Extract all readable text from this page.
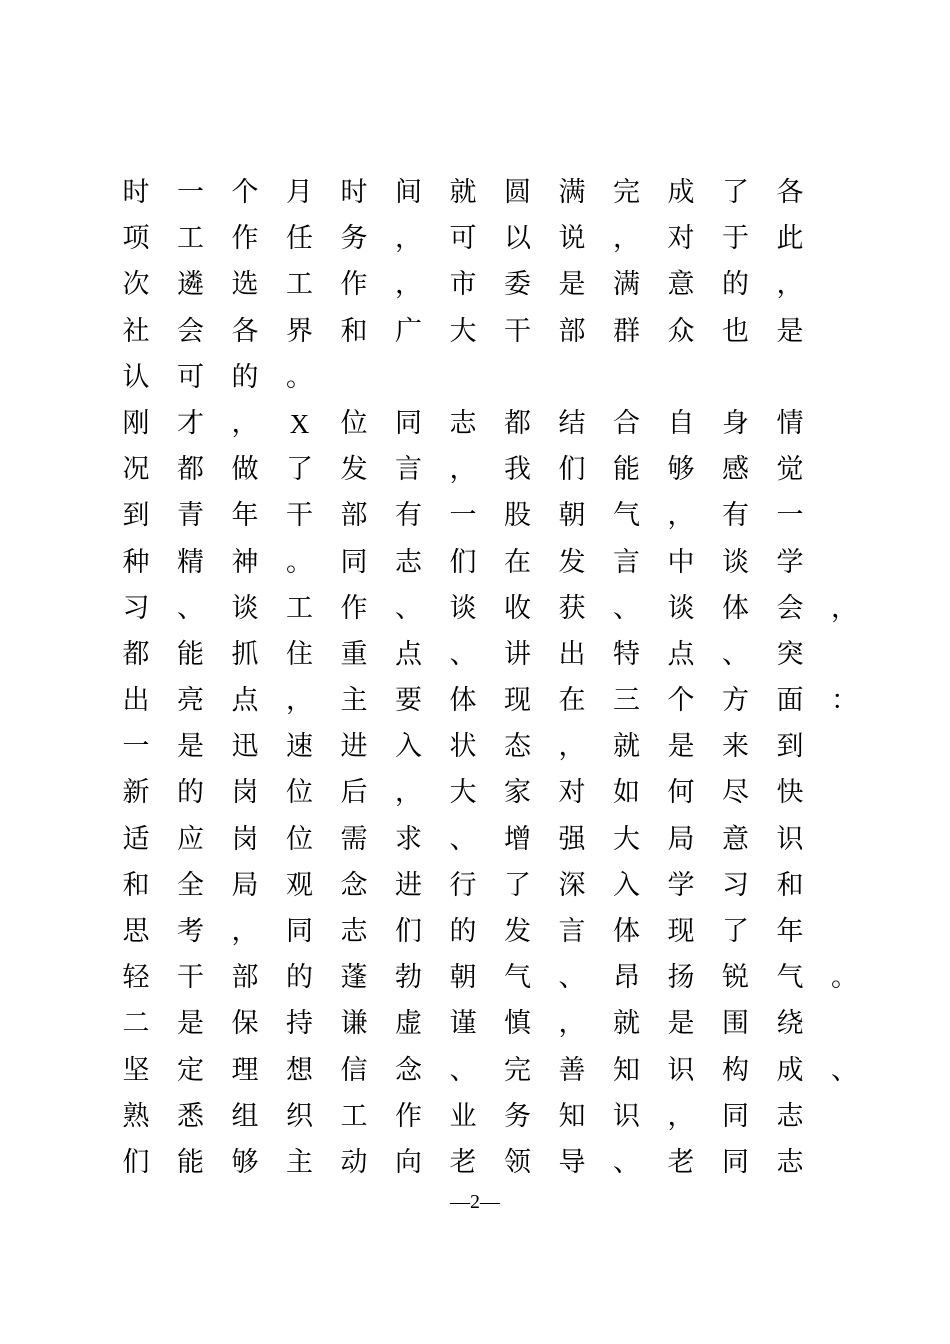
时 一 个 月 时 间 就 圆 满 完 成 了 各
项 工 作 任 务 ， 可 以 说 ， 对 于 此
次 遴 选 工 作 ， 市 委 是 满 意 的 ，
社 会 各 界 和 广 大 干 部 群 众 也 是
认 可 的 。
刚 才 ，	X	位 同 志 都 结 合 自 身 情
况 都 做 了 发 言 ， 我 们 能 够 感 觉
到 青 年 干 部 有 一 股 朝 气 ， 有 一
种 精 神 。 同 志 们 在 发 言 中 谈 学
习 、 谈 工 作 、 谈 收 获 、 谈 体 会 ，
都 能 抓 住 重 点 、 讲 出 特 点 、 突
出 亮 点 ， 主 要 体 现 在 三 个 方 面 ：
一 是 迅 速 进 入 状 态 ， 就 是 来 到
新 的 岗 位 后 ， 大 家 对 如 何 尽 快
适 应 岗 位 需 求 、 增 强 大 局 意 识
和 全 局 观 念 进 行 了 深 入 学 习 和
思 考 ， 同 志 们 的 发 言 体 现 了 年
轻 干 部 的 蓬 勃 朝 气 、 昂 扬 锐 气 。
二 是 保 持 谦 虚 谨 慎 ， 就 是 围 绕
坚 定 理 想 信 念 、 完 善 知 识 构 成 、
熟 悉 组 织 工 作 业 务 知 识 ， 同 志
们 能 够 主 动 向 老 领 导 、 老 同 志
—2—
